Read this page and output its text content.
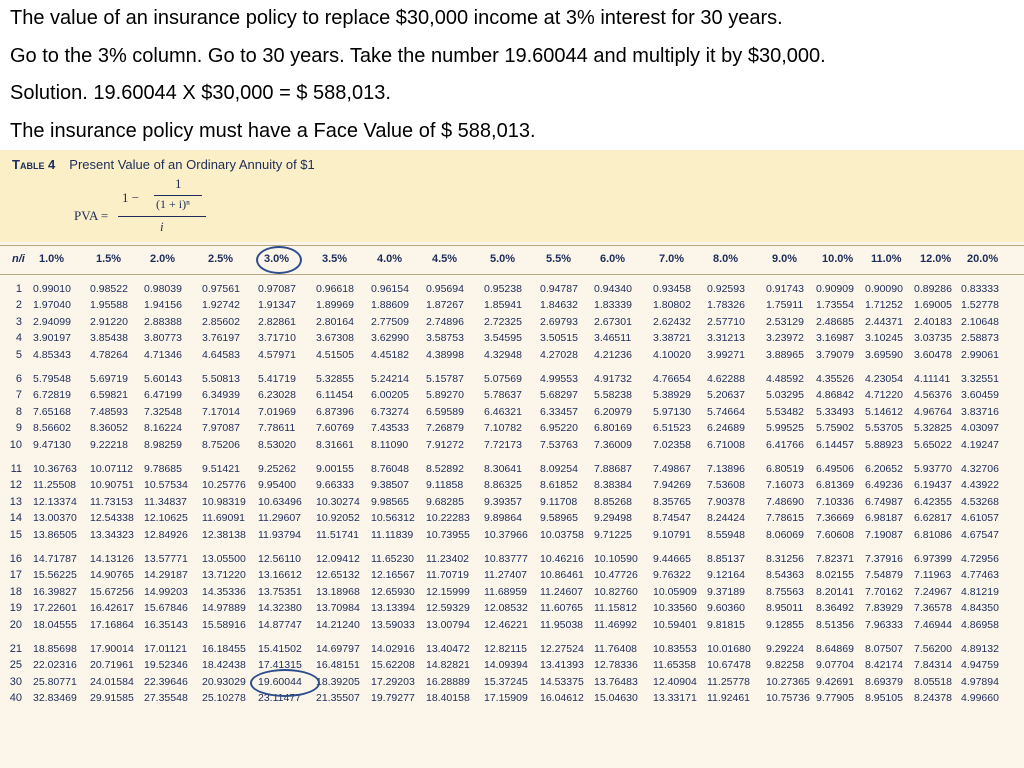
The value of an insurance policy to replace $30,000 income at 3% interest for 30 years.

Go to the 3% column. Go to 30 years. Take the number 19.60044 and multiply it by $30,000.

Solution. 19.60044 X $30,000 = $ 588,013.

The insurance policy must have a Face Value of $ 588,013.

Table 4 Present Value of an Ordinary Annuity of $1
PVA =
1 −
1
(1 + i)ⁿ
i
n/i 1.0%	1.5%	2.0%	2.5%	3.0%	3.5%	4.0%	4.5%	5.0%	5.5%	6.0%	7.0%	8.0%	9.0% 10.0% 11.0% 12.0% 20.0%
1 0.99010 0.98522 0.98039 0.97561 0.97087 0.96618 0.96154 0.95694 0.95238 0.94787 0.94340 0.93458 0.92593 0.91743 0.90909 0.90090 0.89286 0.83333
2 1.97040 1.95588 1.94156 1.92742 1.91347 1.89969 1.88609 1.87267 1.85941 1.84632 1.83339 1.80802 1.78326 1.75911 1.73554 1.71252 1.69005 1.52778
3 2.94099 2.91220 2.88388 2.85602 2.82861 2.80164 2.77509 2.74896 2.72325 2.69793 2.67301 2.62432 2.57710 2.53129 2.48685 2.44371 2.40183 2.10648
4 3.90197 3.85438 3.80773 3.76197 3.71710 3.67308 3.62990 3.58753 3.54595 3.50515 3.46511 3.38721 3.31213 3.23972 3.16987 3.10245 3.03735 2.58873
5 4.85343 4.78264 4.71346 4.64583 4.57971 4.51505 4.45182 4.38998 4.32948 4.27028 4.21236 4.10020 3.99271 3.88965 3.79079 3.69590 3.60478 2.99061
6 5.79548 5.69719 5.60143 5.50813 5.41719 5.32855 5.24214 5.15787 5.07569 4.99553 4.91732 4.76654 4.62288 4.48592 4.35526 4.23054 4.11141 3.32551
7 6.72819 6.59821 6.47199 6.34939 6.23028 6.11454 6.00205 5.89270 5.78637 5.68297 5.58238 5.38929 5.20637 5.03295 4.86842 4.71220 4.56376 3.60459
8 7.65168 7.48593 7.32548 7.17014 7.01969 6.87396 6.73274 6.59589 6.46321 6.33457 6.20979 5.97130 5.74664 5.53482 5.33493 5.14612 4.96764 3.83716
9 8.56602 8.36052 8.16224 7.97087 7.78611 7.60769 7.43533 7.26879 7.10782 6.95220 6.80169 6.51523 6.24689 5.99525 5.75902 5.53705 5.32825 4.03097
10 9.47130 9.22218 8.98259 8.75206 8.53020 8.31661 8.11090 7.91272 7.72173 7.53763 7.36009 7.02358 6.71008 6.41766 6.14457 5.88923 5.65022 4.19247
11 10.36763 10.07112 9.78685 9.51421 9.25262 9.00155 8.76048 8.52892 8.30641 8.09254 7.88687 7.49867 7.13896 6.80519 6.49506 6.20652 5.93770 4.32706
12 11.25508 10.90751 10.57534 10.25776 9.95400 9.66333 9.38507 9.11858 8.86325 8.61852 8.38384 7.94269 7.53608 7.16073 6.81369 6.49236 6.19437 4.43922
13 12.13374 11.73153 11.34837 10.98319 10.63496 10.30274 9.98565 9.68285 9.39357 9.11708 8.85268 8.35765 7.90378 7.48690 7.10336 6.74987 6.42355 4.53268
14 13.00370 12.54338 12.10625 11.69091 11.29607 10.92052 10.56312 10.22283 9.89864 9.58965 9.29498 8.74547 8.24424 7.78615 7.36669 6.98187 6.62817 4.61057
15 13.86505 13.34323 12.84926 12.38138 11.93794 11.51741 11.11839 10.73955 10.37966 10.03758 9.71225 9.10791 8.55948 8.06069 7.60608 7.19087 6.81086 4.67547
16 14.71787 14.13126 13.57771 13.05500 12.56110 12.09412 11.65230 11.23402 10.83777 10.46216 10.10590 9.44665 8.85137 8.31256 7.82371 7.37916 6.97399 4.72956
17 15.56225 14.90765 14.29187 13.71220 13.16612 12.65132 12.16567 11.70719 11.27407 10.86461 10.47726 9.76322 9.12164 8.54363 8.02155 7.54879 7.11963 4.77463
18 16.39827 15.67256 14.99203 14.35336 13.75351 13.18968 12.65930 12.15999 11.68959 11.24607 10.82760 10.05909 9.37189 8.75563 8.20141 7.70162 7.24967 4.81219
19 17.22601 16.42617 15.67846 14.97889 14.32380 13.70984 13.13394 12.59329 12.08532 11.60765 11.15812 10.33560 9.60360 8.95011 8.36492 7.83929 7.36578 4.84350
20 18.04555 17.16864 16.35143 15.58916 14.87747 14.21240 13.59033 13.00794 12.46221 11.95038 11.46992 10.59401 9.81815 9.12855 8.51356 7.96333 7.46944 4.86958
21 18.85698 17.90014 17.01121 16.18455 15.41502 14.69797 14.02916 13.40472 12.82115 12.27524 11.76408 10.83553 10.01680 9.29224 8.64869 8.07507 7.56200 4.89132
25 22.02316 20.71961 19.52346 18.42438 17.41315 16.48151 15.62208 14.82821 14.09394 13.41393 12.78336 11.65358 10.67478 9.82258 9.07704 8.42174 7.84314 4.94759
30 25.80771 24.01584 22.39646 20.93029 19.60044 18.39205 17.29203 16.28889 15.37245 14.53375 13.76483 12.40904 11.25778 10.27365 9.42691 8.69379 8.05518 4.97894
40 32.83469 29.91585 27.35548 25.10278 23.11477 21.35507 19.79277 18.40158 17.15909 16.04612 15.04630 13.33171 11.92461 10.75736 9.77905 8.95105 8.24378 4.99660
